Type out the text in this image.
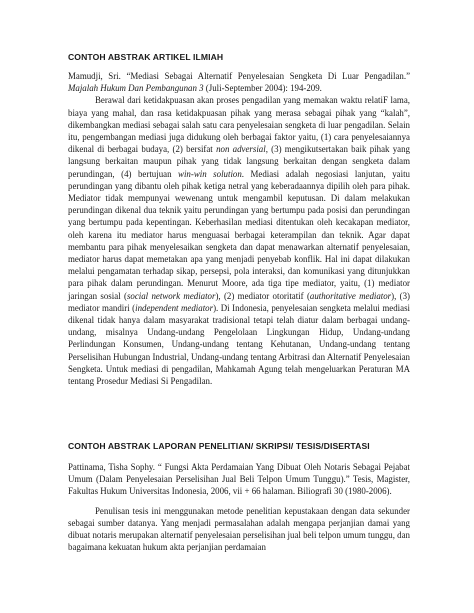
CONTOH ABSTRAK ARTIKEL ILMIAH

Mamudji, Sri. “Mediasi Sebagai Alternatif Penyelesaian Sengketa Di Luar Pengadilan.” Majalah Hukum Dan Pembangunan 3 (Juli-September 2004): 194-209.

Berawal dari ketidakpuasan akan proses pengadilan yang memakan waktu relatiF lama, biaya yang mahal, dan rasa ketidakpuasan pihak yang merasa sebagai pihak yang “kalah”, dikembangkan mediasi sebagai salah satu cara penyelesaian sengketa di luar pengadilan. Selain itu, pengembangan mediasi juga didukung oleh berbagai faktor yaitu, (1) cara penyelesaiannya dikenal di berbagai budaya, (2) bersifat non adversial, (3) mengikutsertakan baik pihak yang langsung berkaitan maupun pihak yang tidak langsung berkaitan dengan sengketa dalam perundingan, (4) bertujuan win-win solution. Mediasi adalah negosiasi lanjutan, yaitu perundingan yang dibantu oleh pihak ketiga netral yang keberadaannya dipilih oleh para pihak. Mediator tidak mempunyai wewenang untuk mengambil keputusan. Di dalam melakukan perundingan dikenal dua teknik yaitu perundingan yang bertumpu pada posisi dan perundingan yang bertumpu pada kepentingan. Keberhasilan mediasi ditentukan oleh kecakapan mediator, oleh karena itu mediator harus menguasai berbagai keterampilan dan teknik. Agar dapat membantu para pihak menyelesaikan sengketa dan dapat menawarkan alternatif penyelesaian, mediator harus dapat memetakan apa yang menjadi penyebab konflik. Hal ini dapat dilakukan melalui pengamatan terhadap sikap, persepsi, pola interaksi, dan komunikasi yang ditunjukkan para pihak dalam perundingan. Menurut Moore, ada tiga tipe mediator, yaitu, (1) mediator jaringan sosial (social network mediator), (2) mediator otoritatif (authoritative mediator), (3) mediator mandiri (independent mediator). Di Indonesia, penyelesaian sengketa melalui mediasi dikenal tidak hanya dalam masyarakat tradisional tetapi telah diatur dalam berbagai undang-undang, misalnya Undang-undang Pengelolaan Lingkungan Hidup, Undang-undang Perlindungan Konsumen, Undang-undang tentang Kehutanan, Undang-undang tentang Perselisihan Hubungan Industrial, Undang-undang tentang Arbitrasi dan Alternatif Penyelesaian Sengketa. Untuk mediasi di pengadilan, Mahkamah Agung telah mengeluarkan Peraturan MA tentang Prosedur Mediasi Si Pengadilan.

CONTOH ABSTRAK LAPORAN PENELITIAN/ SKRIPSI/ TESIS/DISERTASI

Pattinama, Tisha Sophy. “ Fungsi Akta Perdamaian Yang Dibuat Oleh Notaris Sebagai Pejabat Umum (Dalam Penyelesaian Perselisihan Jual Beli Telpon Umum Tunggu).” Tesis, Magister, Fakultas Hukum Universitas Indonesia, 2006, vii + 66 halaman. Biliografi 30 (1980-2006).

Penulisan tesis ini menggunakan metode penelitian kepustakaan dengan data sekunder sebagai sumber datanya. Yang menjadi permasalahan adalah mengapa perjanjian damai yang dibuat notaris merupakan alternatif penyelesaian perselisihan jual beli telpon umum tunggu, dan bagaimana kekuatan hukum akta perjanjian perdamaian
